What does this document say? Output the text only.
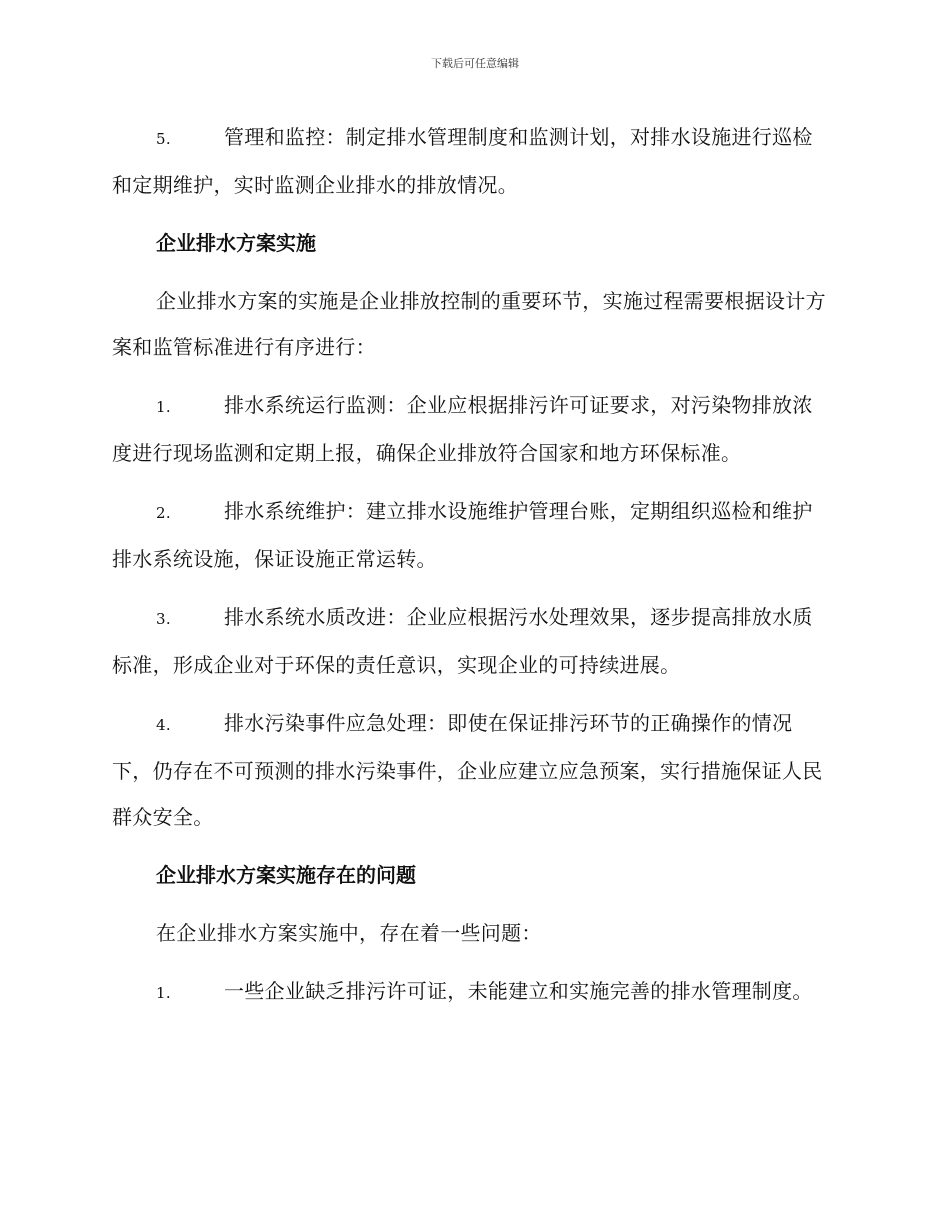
下载后可任意编辑

5.	管理和监控：制定排水管理制度和监测计划，对排水设施进行巡检和定期维护，实时监测企业排水的排放情况。

企业排水方案实施

企业排水方案的实施是企业排放控制的重要环节，实施过程需要根据设计方案和监管标准进行有序进行：

1.	排水系统运行监测：企业应根据排污许可证要求，对污染物排放浓度进行现场监测和定期上报，确保企业排放符合国家和地方环保标准。

2.	排水系统维护：建立排水设施维护管理台账，定期组织巡检和维护排水系统设施，保证设施正常运转。

3.	排水系统水质改进：企业应根据污水处理效果，逐步提高排放水质标准，形成企业对于环保的责任意识，实现企业的可持续进展。

4.	排水污染事件应急处理：即使在保证排污环节的正确操作的情况下，仍存在不可预测的排水污染事件，企业应建立应急预案，实行措施保证人民群众安全。

企业排水方案实施存在的问题

在企业排水方案实施中，存在着一些问题：

1.	一些企业缺乏排污许可证，未能建立和实施完善的排水管理制度。
